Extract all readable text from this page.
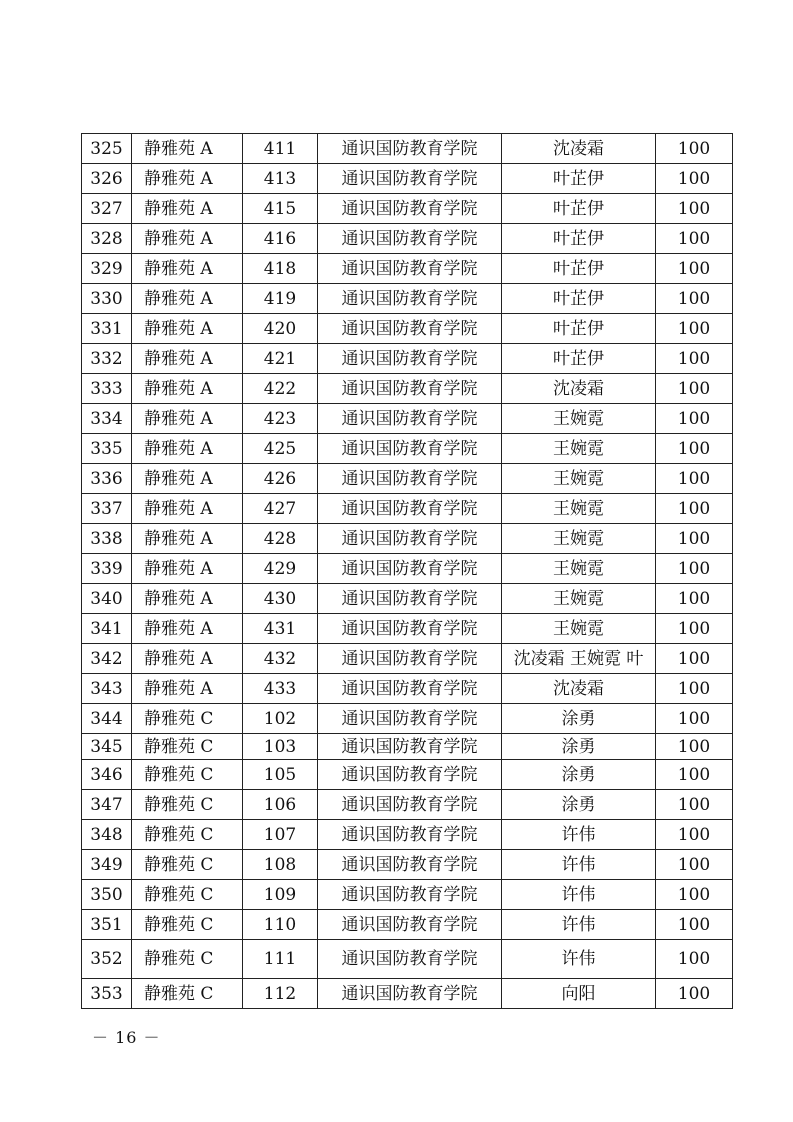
325	静雅苑 A	411	通识国防教育学院	沈凌霜	100
326	静雅苑 A	413	通识国防教育学院	叶芷伊	100
327	静雅苑 A	415	通识国防教育学院	叶芷伊	100
328	静雅苑 A	416	通识国防教育学院	叶芷伊	100
329	静雅苑 A	418	通识国防教育学院	叶芷伊	100
330	静雅苑 A	419	通识国防教育学院	叶芷伊	100
331	静雅苑 A	420	通识国防教育学院	叶芷伊	100
332	静雅苑 A	421	通识国防教育学院	叶芷伊	100
333	静雅苑 A	422	通识国防教育学院	沈凌霜	100
334	静雅苑 A	423	通识国防教育学院	王婉霓	100
335	静雅苑 A	425	通识国防教育学院	王婉霓	100
336	静雅苑 A	426	通识国防教育学院	王婉霓	100
337	静雅苑 A	427	通识国防教育学院	王婉霓	100
338	静雅苑 A	428	通识国防教育学院	王婉霓	100
339	静雅苑 A	429	通识国防教育学院	王婉霓	100
340	静雅苑 A	430	通识国防教育学院	王婉霓	100
341	静雅苑 A	431	通识国防教育学院	王婉霓	100
342	静雅苑 A	432	通识国防教育学院	沈凌霜 王婉霓 叶	100
343	静雅苑 A	433	通识国防教育学院	沈凌霜	100
344	静雅苑 C	102	通识国防教育学院	涂勇	100
345	静雅苑 C	103	通识国防教育学院	涂勇	100
346	静雅苑 C	105	通识国防教育学院	涂勇	100
347	静雅苑 C	106	通识国防教育学院	涂勇	100
348	静雅苑 C	107	通识国防教育学院	许伟	100
349	静雅苑 C	108	通识国防教育学院	许伟	100
350	静雅苑 C	109	通识国防教育学院	许伟	100
351	静雅苑 C	110	通识国防教育学院	许伟	100
352	静雅苑 C	111	通识国防教育学院	许伟	100
353	静雅苑 C	112	通识国防教育学院	向阳	100
－ 16 －
